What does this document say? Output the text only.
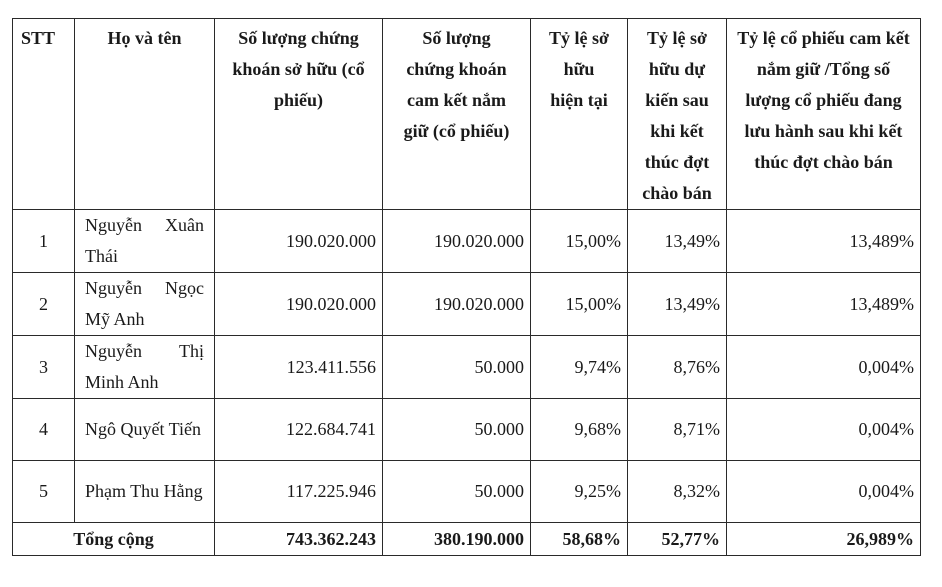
STT	Họ và tên	Số lượng chứng khoán sở hữu (cổ phiếu)	Số lượng chứng khoán cam kết nắm giữ (cổ phiếu)	Tỷ lệ sở hữu hiện tại	Tỷ lệ sở hữu dự kiến sau khi kết thúc đợt chào bán	Tỷ lệ cổ phiếu cam kết nắm giữ /Tổng số lượng cổ phiếu đang lưu hành sau khi kết thúc đợt chào bán
1	Nguyễn Xuân Thái	190.020.000	190.020.000	15,00%	13,49%	13,489%
2	Nguyễn Ngọc Mỹ Anh	190.020.000	190.020.000	15,00%	13,49%	13,489%
3	Nguyễn Thị Minh Anh	123.411.556	50.000	9,74%	8,76%	0,004%
4	Ngô Quyết Tiến	122.684.741	50.000	9,68%	8,71%	0,004%
5	Phạm Thu Hằng	117.225.946	50.000	9,25%	8,32%	0,004%
Tổng cộng		743.362.243	380.190.000	58,68%	52,77%	26,989%
